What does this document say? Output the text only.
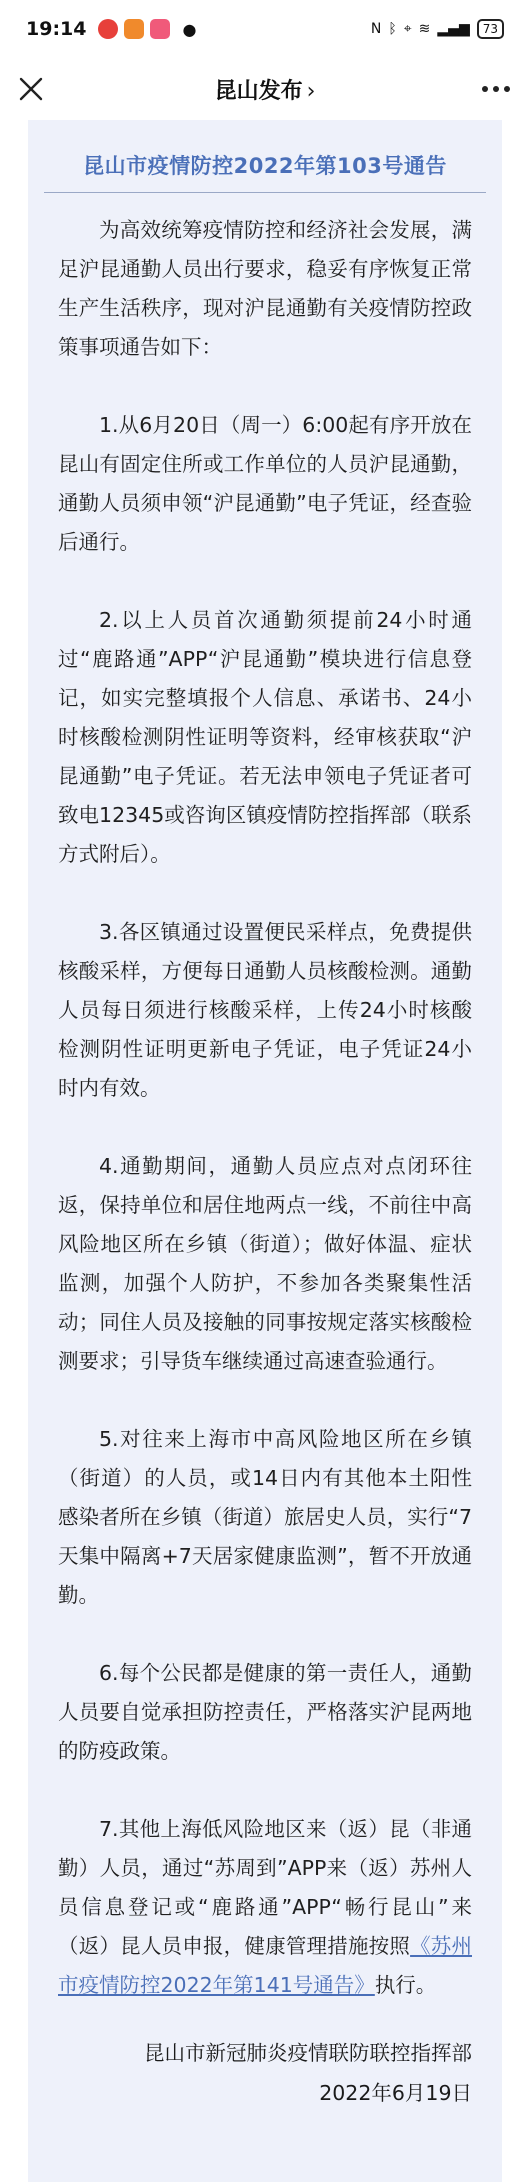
19:14	●	N ᛒ ⌖ ≋ ▂▄▆	73
昆山发布 ›
昆山市疫情防控2022年第103号通告

为高效统筹疫情防控和经济社会发展，满足沪昆通勤人员出行要求，稳妥有序恢复正常生产生活秩序，现对沪昆通勤有关疫情防控政策事项通告如下：

1.从6月20日（周一）6:00起有序开放在昆山有固定住所或工作单位的人员沪昆通勤，通勤人员须申领“沪昆通勤”电子凭证，经查验后通行。

2.以上人员首次通勤须提前24小时通过“鹿路通”APP“沪昆通勤”模块进行信息登记，如实完整填报个人信息、承诺书、24小时核酸检测阴性证明等资料，经审核获取“沪昆通勤”电子凭证。若无法申领电子凭证者可致电12345或咨询区镇疫情防控指挥部（联系方式附后）。

3.各区镇通过设置便民采样点，免费提供核酸采样，方便每日通勤人员核酸检测。通勤人员每日须进行核酸采样，上传24小时核酸检测阴性证明更新电子凭证，电子凭证24小时内有效。

4.通勤期间，通勤人员应点对点闭环往返，保持单位和居住地两点一线，不前往中高风险地区所在乡镇（街道）；做好体温、症状监测，加强个人防护，不参加各类聚集性活动；同住人员及接触的同事按规定落实核酸检测要求；引导货车继续通过高速查验通行。

5.对往来上海市中高风险地区所在乡镇（街道）的人员，或14日内有其他本土阳性感染者所在乡镇（街道）旅居史人员，实行“7天集中隔离+7天居家健康监测”，暂不开放通勤。

6.每个公民都是健康的第一责任人，通勤人员要自觉承担防控责任，严格落实沪昆两地的防疫政策。

7.其他上海低风险地区来（返）昆（非通勤）人员，通过“苏周到”APP来（返）苏州人员信息登记或“鹿路通”APP“畅行昆山”来（返）昆人员申报，健康管理措施按照《苏州市疫情防控2022年第141号通告》执行。

昆山市新冠肺炎疫情联防联控指挥部
2022年6月19日
